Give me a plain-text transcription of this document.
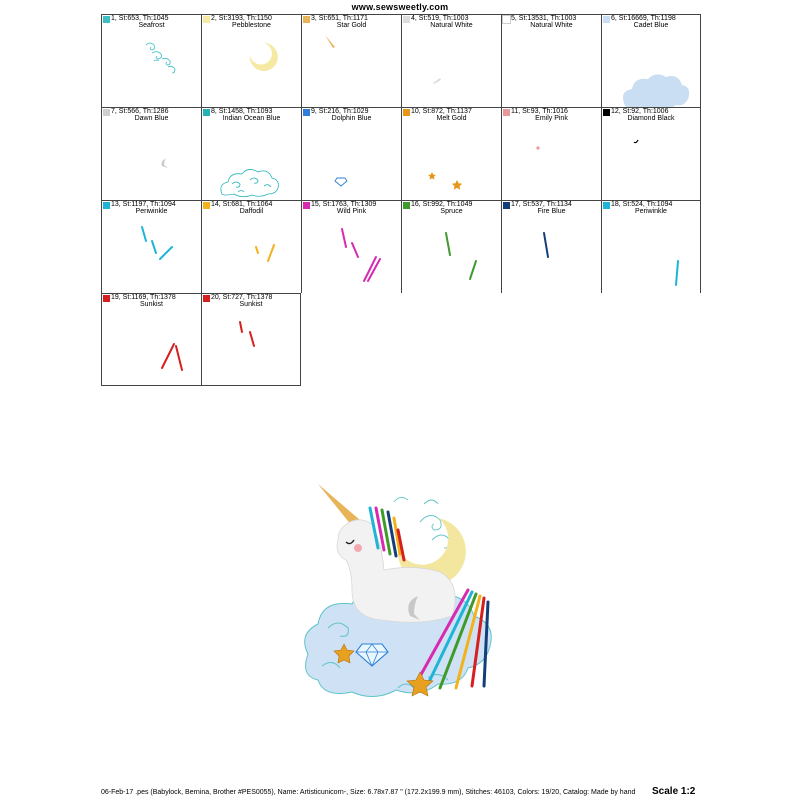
www.sewsweetly.com
1, St:653, Th:1045
Seafrost
2, St:3193, Th:1150
Pebblestone
3, St:651, Th:1171
Star Gold
4, St:519, Th:1003
Natural White
5, St:13531, Th:1003
Natural White
6, St:16669, Th:1198
Cadet Blue
7, St:566, Th:1286
Dawn Blue
8, St:1458, Th:1093
Indian Ocean Blue
9, St:216, Th:1029
Dolphin Blue
10, St:872, Th:1137
Melt Gold
11, St:93, Th:1016
Emily Pink
12, St:92, Th:1006
Diamond Black
13, St:1197, Th:1094
Periwinkle
14, St:681, Th:1064
Daffodil
15, St:1763, Th:1309
Wild Pink
16, St:992, Th:1049
Spruce
17, St:537, Th:1134
Fire Blue
18, St:524, Th:1094
Periwinkle
19, St:1169, Th:1378
Sunkist
20, St:727, Th:1378
Sunkist
06-Feb-17 .pes (Babylock, Bernina, Brother #PES0055), Name: Artisticunicorn-, Size: 6.78x7.87 " (172.2x199.9 mm), Stitches: 46103, Colors: 19/20, Catalog: Made by hand Scale 1:2
